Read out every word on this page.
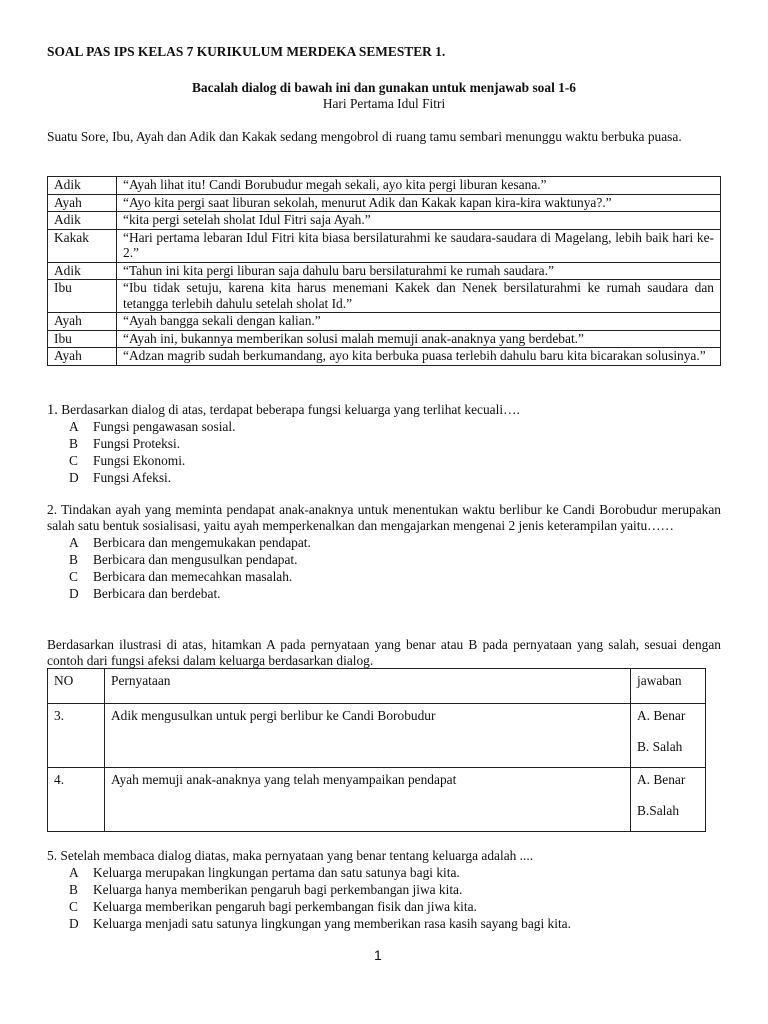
SOAL PAS IPS KELAS 7 KURIKULUM MERDEKA SEMESTER 1.
Bacalah dialog di bawah ini dan gunakan untuk menjawab soal 1-6
Hari Pertama Idul Fitri
Suatu Sore, Ibu, Ayah dan Adik dan Kakak sedang mengobrol di ruang tamu sembari menunggu waktu berbuka puasa.
Adik	“Ayah lihat itu! Candi Borubudur megah sekali, ayo kita pergi liburan kesana.”
Ayah	“Ayo kita pergi saat liburan sekolah, menurut Adik dan Kakak kapan kira-kira waktunya?.”
Adik	“kita pergi setelah sholat Idul Fitri saja Ayah.”
Kakak	“Hari pertama lebaran Idul Fitri kita biasa bersilaturahmi ke saudara-saudara di Magelang, lebih baik hari ke-2.”
Adik	“Tahun ini kita pergi liburan saja dahulu baru bersilaturahmi ke rumah saudara.”
Ibu	“Ibu tidak setuju, karena kita harus menemani Kakek dan Nenek bersilaturahmi ke rumah saudara dan tetangga terlebih dahulu setelah sholat Id.”
Ayah	“Ayah bangga sekali dengan kalian.”
Ibu	“Ayah ini, bukannya memberikan solusi malah memuji anak-anaknya yang berdebat.”
Ayah	“Adzan magrib sudah berkumandang, ayo kita berbuka puasa terlebih dahulu baru kita bicarakan solusinya.”
1. Berdasarkan dialog di atas, terdapat beberapa fungsi keluarga yang terlihat kecuali….
A Fungsi pengawasan sosial.
B Fungsi Proteksi.
C Fungsi Ekonomi.
D Fungsi Afeksi.
2. Tindakan ayah yang meminta pendapat anak-anaknya untuk menentukan waktu berlibur ke Candi Borobudur merupakan salah satu bentuk sosialisasi, yaitu ayah memperkenalkan dan mengajarkan mengenai 2 jenis keterampilan yaitu……
A Berbicara dan mengemukakan pendapat.
B Berbicara dan mengusulkan pendapat.
C Berbicara dan memecahkan masalah.
D Berbicara dan berdebat.
Berdasarkan ilustrasi di atas, hitamkan A pada pernyataan yang benar atau B pada pernyataan yang salah, sesuai dengan contoh dari fungsi afeksi dalam keluarga berdasarkan dialog.
NO	Pernyataan	jawaban
3.	Adik mengusulkan untuk pergi berlibur ke Candi Borobudur	A. Benar
B. Salah

4.	Ayah memuji anak-anaknya yang telah menyampaikan pendapat	A. Benar
B.Salah
5. Setelah membaca dialog diatas, maka pernyataan yang benar tentang keluarga adalah ....
A Keluarga merupakan lingkungan pertama dan satu satunya bagi kita.
B Keluarga hanya memberikan pengaruh bagi perkembangan jiwa kita.
C Keluarga memberikan pengaruh bagi perkembangan fisik dan jiwa kita.
D Keluarga menjadi satu satunya lingkungan yang memberikan rasa kasih sayang bagi kita.
1
